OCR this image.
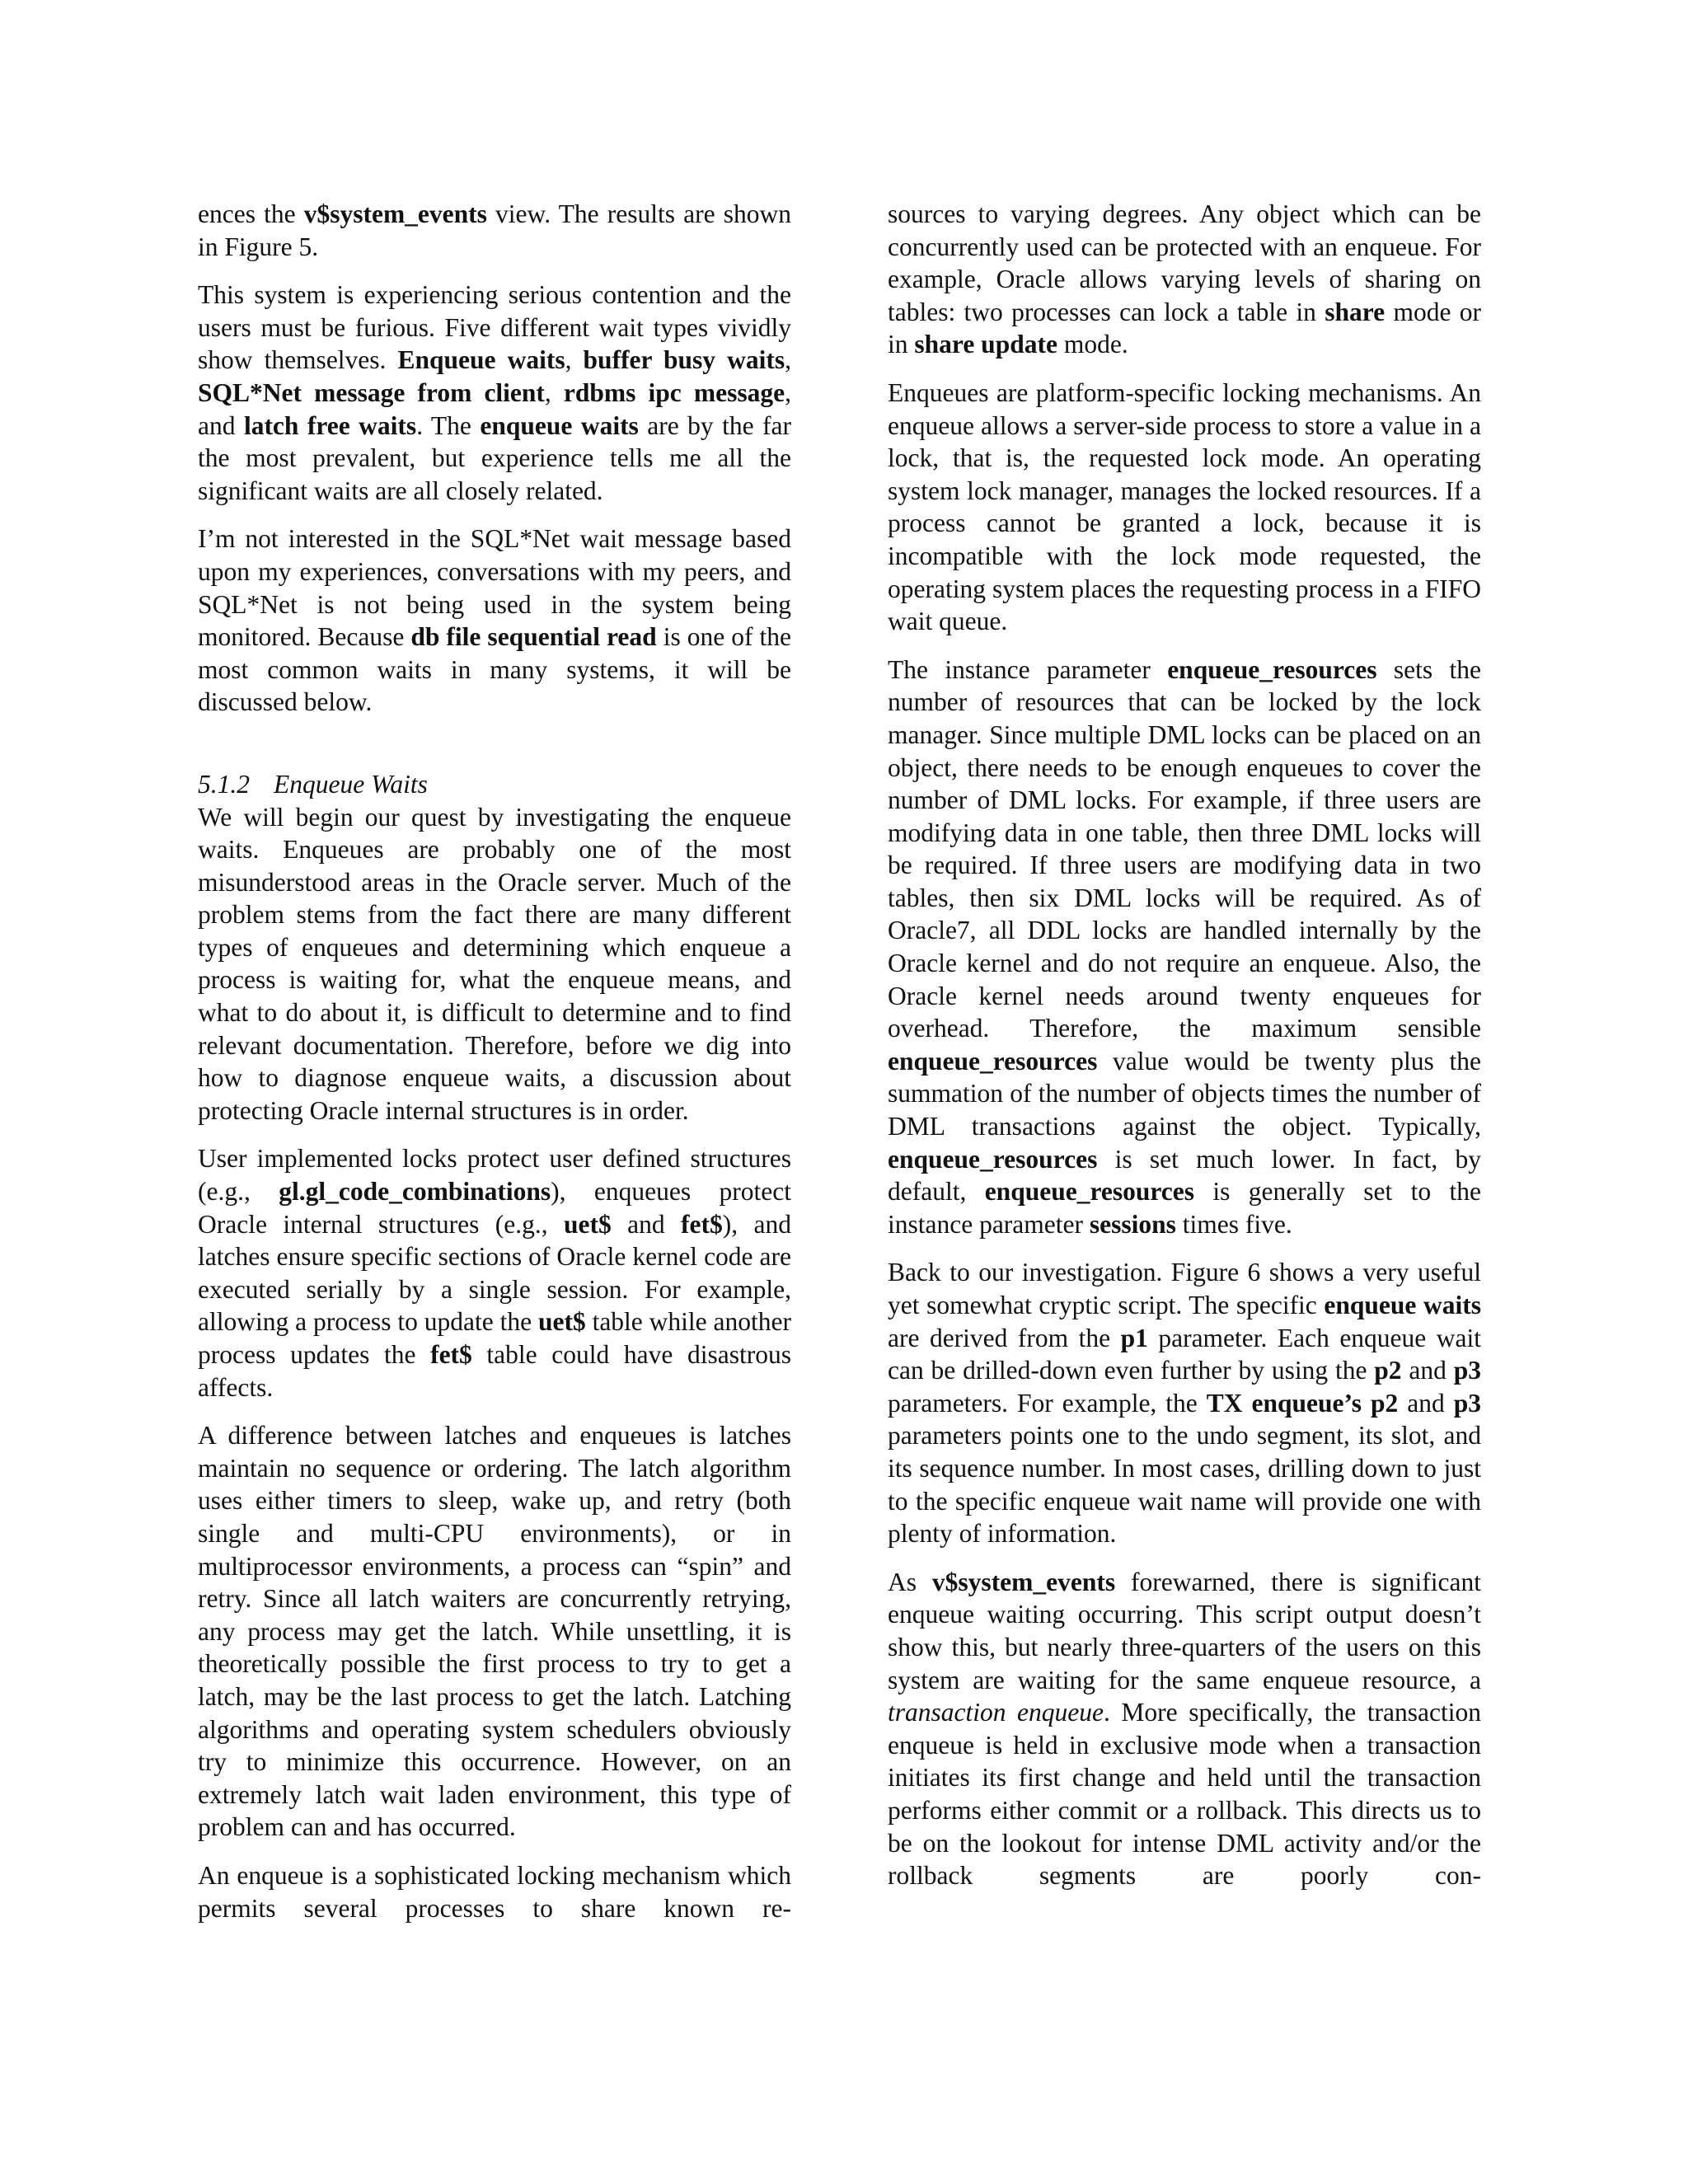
ences the v$system_events view. The results are shown in Figure 5.

This system is experiencing serious contention and the users must be furious. Five different wait types vividly show themselves. Enqueue waits, buffer busy waits, SQL*Net message from client, rdbms ipc message, and latch free waits. The enqueue waits are by the far the most prevalent, but experience tells me all the significant waits are all closely related.

I’m not interested in the SQL*Net wait message based upon my experiences, conversations with my peers, and SQL*Net is not being used in the system being monitored. Because db file sequential read is one of the most common waits in many systems, it will be discussed below.

5.1.2 Enqueue Waits

We will begin our quest by investigating the enqueue waits. Enqueues are probably one of the most misunderstood areas in the Oracle server. Much of the problem stems from the fact there are many different types of enqueues and determining which enqueue a process is waiting for, what the enqueue means, and what to do about it, is difficult to determine and to find relevant documentation. Therefore, before we dig into how to diagnose enqueue waits, a discussion about protecting Oracle internal structures is in order.

User implemented locks protect user defined structures (e.g., gl.gl_code_combinations), enqueues protect Oracle internal structures (e.g., uet$ and fet$), and latches ensure specific sections of Oracle kernel code are executed serially by a single session. For example, allowing a process to update the uet$ table while another process updates the fet$ table could have disastrous affects.

A difference between latches and enqueues is latches maintain no sequence or ordering. The latch algorithm uses either timers to sleep, wake up, and retry (both single and multi-CPU environments), or in multiprocessor environments, a process can “spin” and retry. Since all latch waiters are concurrently retrying, any process may get the latch. While unsettling, it is theoretically possible the first process to try to get a latch, may be the last process to get the latch. Latching algorithms and operating system schedulers obviously try to minimize this occurrence. However, on an extremely latch wait laden environment, this type of problem can and has occurred.

An enqueue is a sophisticated locking mechanism which permits several processes to share known re-

sources to varying degrees. Any object which can be concurrently used can be protected with an enqueue. For example, Oracle allows varying levels of sharing on tables: two processes can lock a table in share mode or in share update mode.

Enqueues are platform-specific locking mechanisms. An enqueue allows a server-side process to store a value in a lock, that is, the requested lock mode. An operating system lock manager, manages the locked resources. If a process cannot be granted a lock, because it is incompatible with the lock mode requested, the operating system places the requesting process in a FIFO wait queue.

The instance parameter enqueue_resources sets the number of resources that can be locked by the lock manager. Since multiple DML locks can be placed on an object, there needs to be enough enqueues to cover the number of DML locks. For example, if three users are modifying data in one table, then three DML locks will be required. If three users are modifying data in two tables, then six DML locks will be required. As of Oracle7, all DDL locks are handled internally by the Oracle kernel and do not require an enqueue. Also, the Oracle kernel needs around twenty enqueues for overhead. Therefore, the maximum sensible enqueue_resources value would be twenty plus the summation of the number of objects times the number of DML transactions against the object. Typically, enqueue_resources is set much lower. In fact, by default, enqueue_resources is generally set to the instance parameter sessions times five.

Back to our investigation. Figure 6 shows a very useful yet somewhat cryptic script. The specific enqueue waits are derived from the p1 parameter. Each enqueue wait can be drilled-down even further by using the p2 and p3 parameters. For example, the TX enqueue’s p2 and p3 parameters points one to the undo segment, its slot, and its sequence number. In most cases, drilling down to just to the specific enqueue wait name will provide one with plenty of information.

As v$system_events forewarned, there is significant enqueue waiting occurring. This script output doesn’t show this, but nearly three-quarters of the users on this system are waiting for the same enqueue resource, a transaction enqueue. More specifically, the transaction enqueue is held in exclusive mode when a transaction initiates its first change and held until the transaction performs either commit or a rollback. This directs us to be on the lookout for intense DML activity and/or the rollback segments are poorly con-
